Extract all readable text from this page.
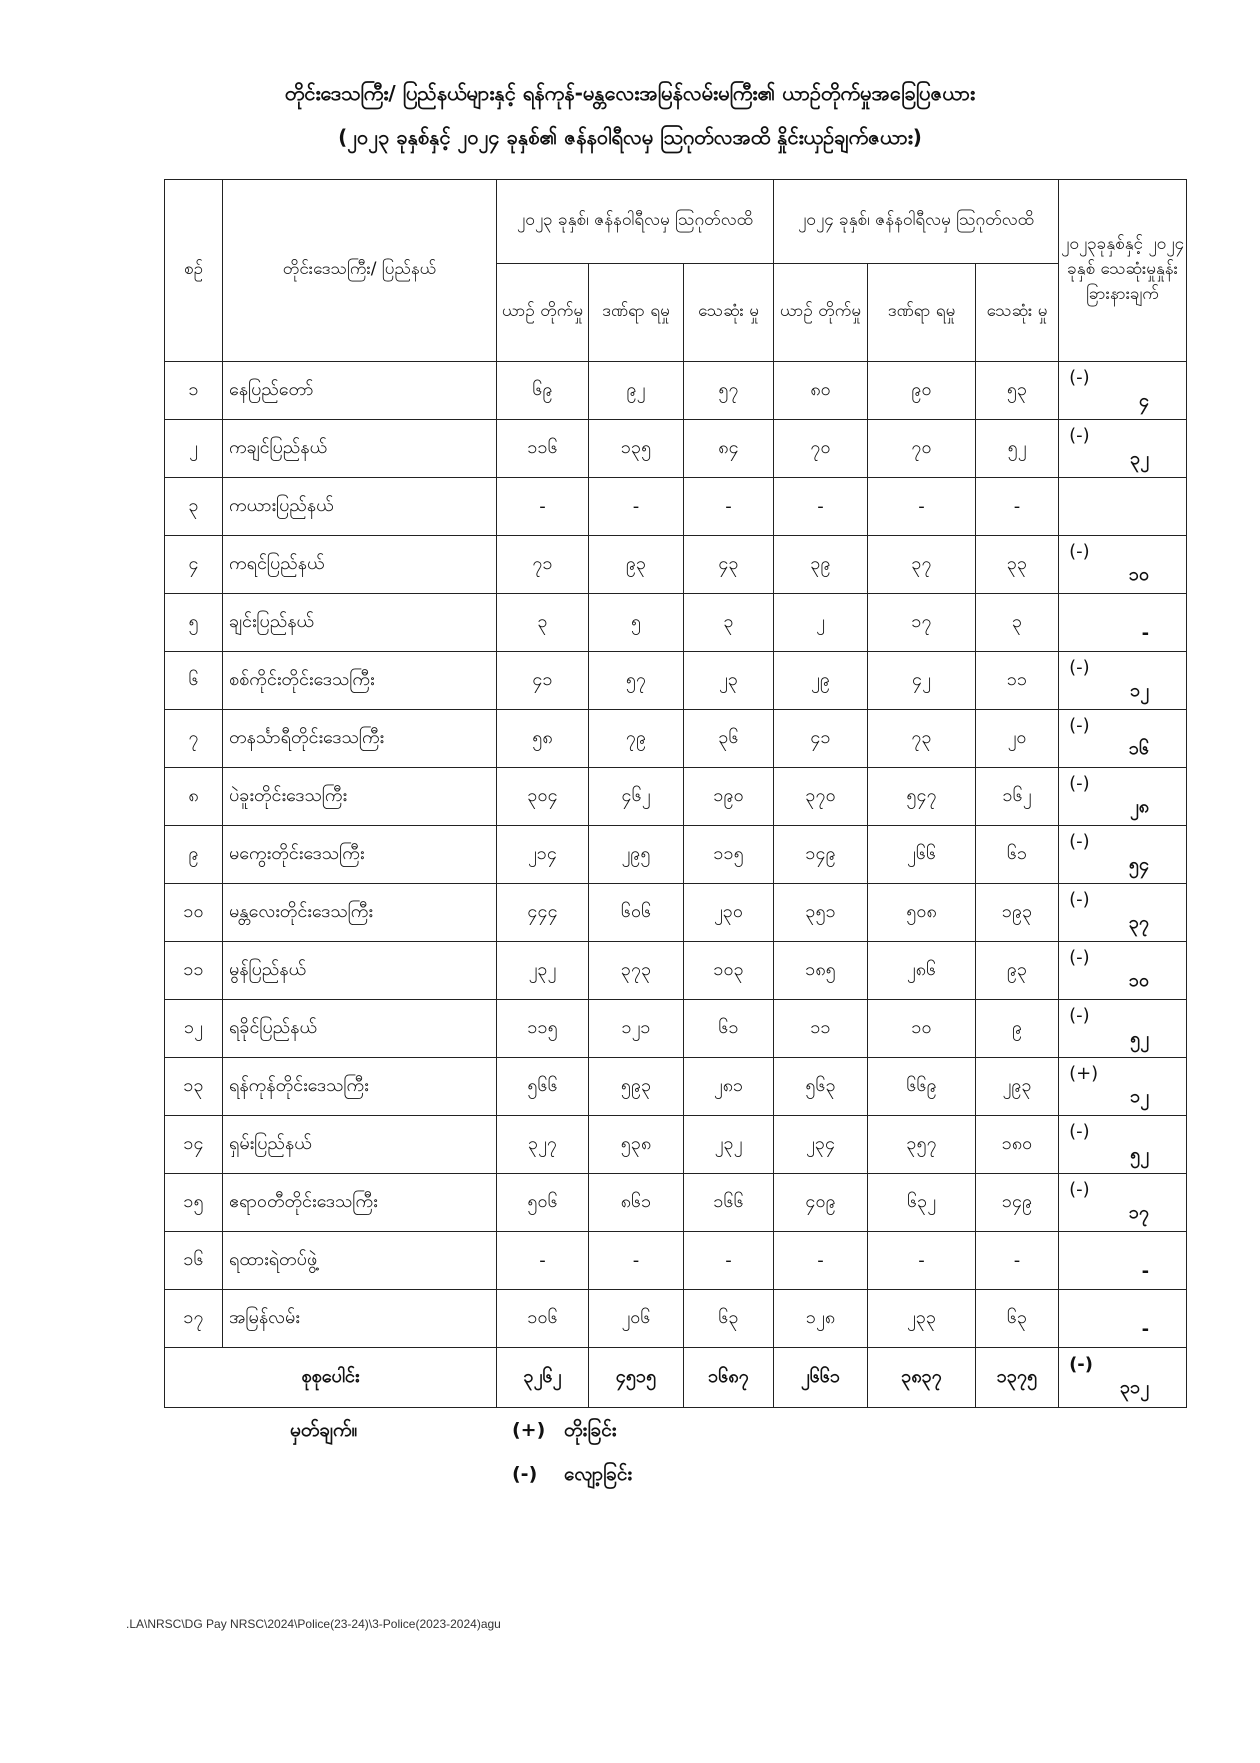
တိုင်းဒေသကြီး/ ပြည်နယ်များနှင့် ရန်ကုန်-မန္တလေးအမြန်လမ်းမကြီး၏ ယာဉ်တိုက်မှုအခြေပြဇယား
(၂၀၂၃ ခုနှစ်နှင့် ၂၀၂၄ ခုနှစ်၏ ဇန်နဝါရီလမှ ဩဂုတ်လအထိ နှိုင်းယှဉ်ချက်ဇယား)
စဉ်	တိုင်းဒေသကြီး/ ပြည်နယ်	၂၀၂၃ ခုနှစ်၊ ဇန်နဝါရီလမှ ဩဂုတ်လထိ			၂၀၂၄ ခုနှစ်၊ ဇန်နဝါရီလမှ ဩဂုတ်လထိ			၂၀၂၃ခုနှစ်နှင့် ၂၀၂၄ ခုနှစ် သေဆုံးမှုနှုန်း ခြားနားချက်
		ယာဉ် တိုက်မှု	ဒဏ်ရာ ရမှု	သေဆုံး မှု	ယာဉ် တိုက်မှု	ဒဏ်ရာ ရမှု	သေဆုံး မှု	
၁	နေပြည်တော်	၆၉	၉၂	၅၇	၈၀	၉၀	၅၃	(-)၄
၂	ကချင်ပြည်နယ်	၁၁၆	၁၃၅	၈၄	၇၀	၇၀	၅၂	(-)၃၂
၃	ကယားပြည်နယ်	-	-	-	-	-	-	
၄	ကရင်ပြည်နယ်	၇၁	၉၃	၄၃	၃၉	၃၇	၃၃	(-)၁၀
၅	ချင်းပြည်နယ်	၃	၅	၃	၂	၁၇	၃	-
၆	စစ်ကိုင်းတိုင်းဒေသကြီး	၄၁	၅၇	၂၃	၂၉	၄၂	၁၁	(-)၁၂
၇	တနင်္သာရီတိုင်းဒေသကြီး	၅၈	၇၉	၃၆	၄၁	၇၃	၂၀	(-)၁၆
၈	ပဲခူးတိုင်းဒေသကြီး	၃၀၄	၄၆၂	၁၉၀	၃၇၀	၅၄၇	၁၆၂	(-)၂၈
၉	မကွေးတိုင်းဒေသကြီး	၂၁၄	၂၉၅	၁၁၅	၁၄၉	၂၆၆	၆၁	(-)၅၄
၁၀	မန္တလေးတိုင်းဒေသကြီး	၄၄၄	၆၀၆	၂၃၀	၃၅၁	၅၀၈	၁၉၃	(-)၃၇
၁၁	မွန်ပြည်နယ်	၂၃၂	၃၇၃	၁၀၃	၁၈၅	၂၈၆	၉၃	(-)၁၀
၁၂	ရခိုင်ပြည်နယ်	၁၁၅	၁၂၁	၆၁	၁၁	၁၀	၉	(-)၅၂
၁၃	ရန်ကုန်တိုင်းဒေသကြီး	၅၆၆	၅၉၃	၂၈၁	၅၆၃	၆၆၉	၂၉၃	(+)၁၂
၁၄	ရှမ်းပြည်နယ်	၃၂၇	၅၃၈	၂၃၂	၂၃၄	၃၅၇	၁၈၀	(-)၅၂
၁၅	ဧရာဝတီတိုင်းဒေသကြီး	၅၀၆	၈၆၁	၁၆၆	၄၀၉	၆၃၂	၁၄၉	(-)၁၇
၁၆	ရထားရဲတပ်ဖွဲ့	-	-	-	-	-	-	-
၁၇	အမြန်လမ်း	၁၀၆	၂၀၆	၆၃	၁၂၈	၂၃၃	၆၃	-
စုစုပေါင်း		၃၂၆၂	၄၅၁၅	၁၆၈၇	၂၆၆၁	၃၈၃၇	၁၃၇၅	(-)၃၁၂
မှတ်ချက်။	(+) တိုးခြင်း
(-) လျော့ခြင်း
.LA\NRSC\DG Pay NRSC\2024\Police(23-24)\3-Police(2023-2024)agu
